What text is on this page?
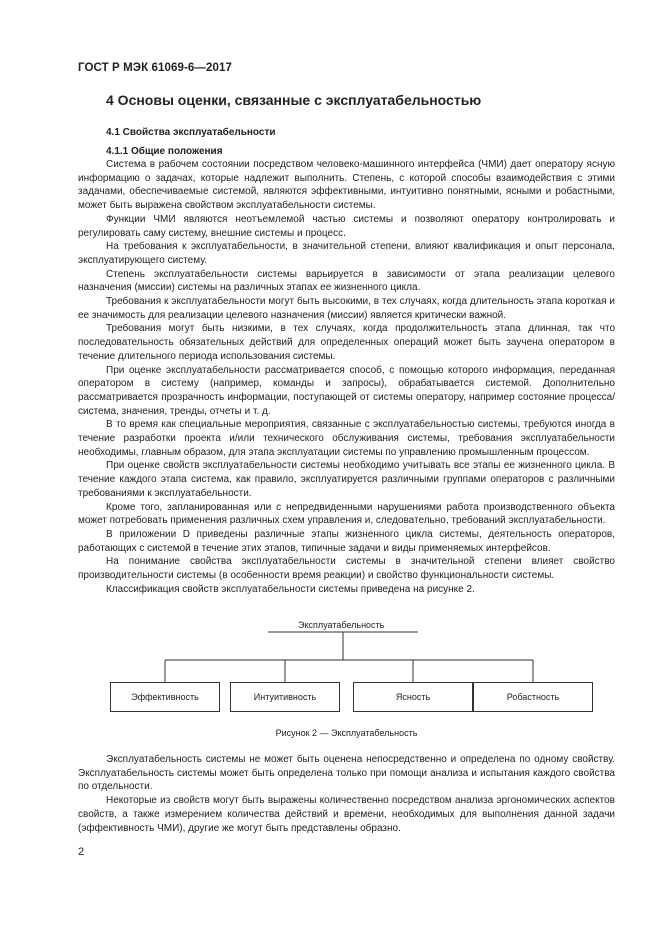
ГОСТ Р МЭК 61069-6—2017
4 Основы оценки, связанные с эксплуатабельностью
4.1 Свойства эксплуатабельности
4.1.1 Общие положения

Система в рабочем состоянии посредством человеко-машинного интерфейса (ЧМИ) дает оператору ясную информацию о задачах, которые надлежит выполнить. Степень, с которой способы взаимодействия с этими задачами, обеспечиваемые системой, являются эффективными, интуитивно понятными, ясными и робастными, может быть выражена свойством эксплуатабельности системы.

Функции ЧМИ являются неотъемлемой частью системы и позволяют оператору контролировать и регулировать саму систему, внешние системы и процесс.

На требования к эксплуатабельности, в значительной степени, влияют квалификация и опыт персонала, эксплуатирующего систему.

Степень эксплуатабельности системы варьируется в зависимости от этапа реализации целевого назначения (миссии) системы на различных этапах ее жизненного цикла.

Требования к эксплуатабельности могут быть высокими, в тех случаях, когда длительность этапа короткая и ее значимость для реализации целевого назначения (миссии) является критически важной.

Требования могут быть низкими, в тех случаях, когда продолжительность этапа длинная, так что последовательность обязательных действий для определенных операций может быть заучена оператором в течение длительного периода использования системы.

При оценке эксплуатабельности рассматривается способ, с помощью которого информация, переданная оператором в систему (например, команды и запросы), обрабатывается системой. Дополнительно рассматривается прозрачность информации, поступающей от системы оператору, например состояние процесса/система, значения, тренды, отчеты и т. д.

В то время как специальные мероприятия, связанные с эксплуатабельностью системы, требуются иногда в течение разработки проекта и/или технического обслуживания системы, требования эксплуатабельности необходимы, главным образом, для этапа эксплуатации системы по управлению промышленным процессом.

При оценке свойств эксплуатабельности системы необходимо учитывать все этапы ее жизненного цикла. В течение каждого этапа система, как правило, эксплуатируется различными группами операторов с различными требованиями к эксплуатабельности.

Кроме того, запланированная или с непредвиденными нарушениями работа производственного объекта может потребовать применения различных схем управления и, следовательно, требований эксплуатабельности.

В приложении D приведены различные этапы жизненного цикла системы, деятельность операторов, работающих с системой в течение этих этапов, типичные задачи и виды применяемых интерфейсов.

На понимание свойства эксплуатабельности системы в значительной степени влияет свойство производительности системы (в особенности время реакции) и свойство функциональности системы.

Классификация свойств эксплуатабельности системы приведена на рисунке 2.

Эксплуатабельность
Эффективность	Интуитивность	Ясность	Робастность
Рисунок 2 — Эксплуатабельность

Эксплуатабельность системы не может быть оценена непосредственно и определена по одному свойству. Эксплуатабельность системы может быть определена только при помощи анализа и испытания каждого свойства по отдельности.

Некоторые из свойств могут быть выражены количественно посредством анализа эргономических аспектов свойств, а также измерением количества действий и времени, необходимых для выполнения данной задачи (эффективность ЧМИ), другие же могут быть представлены образно.

2
